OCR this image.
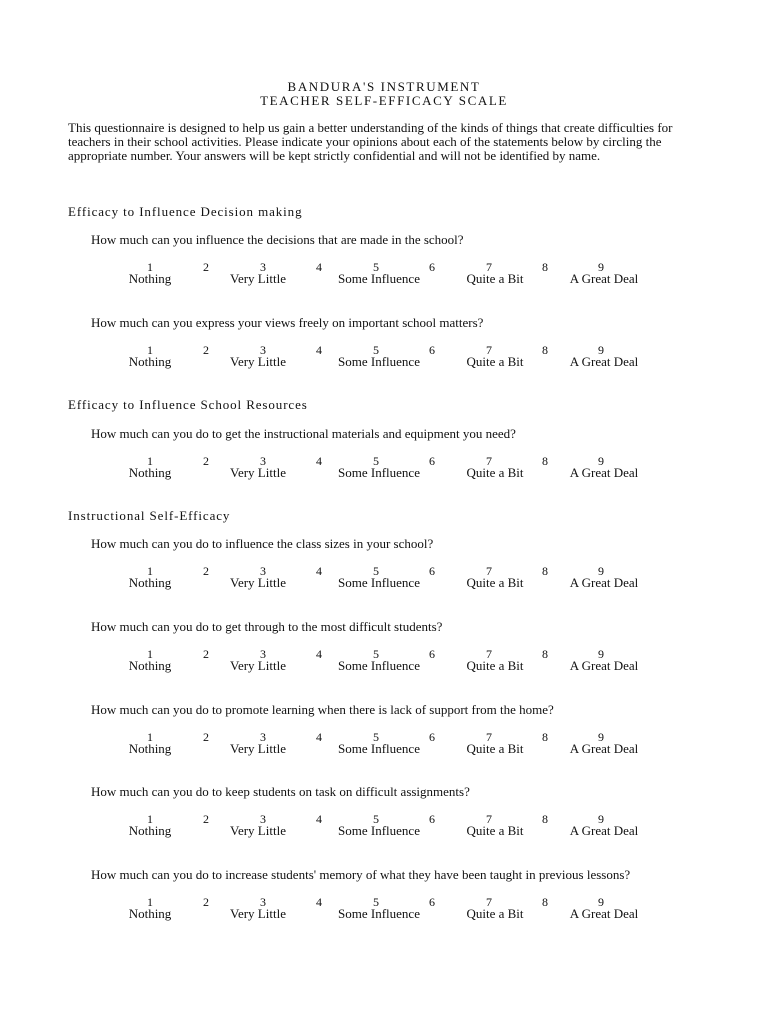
BANDURA'S INSTRUMENT
TEACHER SELF-EFFICACY SCALE

This questionnaire is designed to help us gain a better understanding of the kinds of things that create difficulties for teachers in their school activities. Please indicate your opinions about each of the statements below by circling the appropriate number. Your answers will be kept strictly confidential and will not be identified by name.

Efficacy to Influence Decision making
How much can you influence the decisions that are made in the school?
1	2	3	4	5	6	7	8	9
Nothing	Very Little	Some Influence	Quite a Bit	A Great Deal
How much can you express your views freely on important school matters?
1	2	3	4	5	6	7	8	9
Nothing	Very Little	Some Influence	Quite a Bit	A Great Deal
Efficacy to Influence School Resources
How much can you do to get the instructional materials and equipment you need?
1	2	3	4	5	6	7	8	9
Nothing	Very Little	Some Influence	Quite a Bit	A Great Deal
Instructional Self-Efficacy
How much can you do to influence the class sizes in your school?
1	2	3	4	5	6	7	8	9
Nothing	Very Little	Some Influence	Quite a Bit	A Great Deal
How much can you do to get through to the most difficult students?
1	2	3	4	5	6	7	8	9
Nothing	Very Little	Some Influence	Quite a Bit	A Great Deal
How much can you do to promote learning when there is lack of support from the home?
1	2	3	4	5	6	7	8	9
Nothing	Very Little	Some Influence	Quite a Bit	A Great Deal
How much can you do to keep students on task on difficult assignments?
1	2	3	4	5	6	7	8	9
Nothing	Very Little	Some Influence	Quite a Bit	A Great Deal
How much can you do to increase students' memory of what they have been taught in previous lessons?
1	2	3	4	5	6	7	8	9
Nothing	Very Little	Some Influence	Quite a Bit	A Great Deal
